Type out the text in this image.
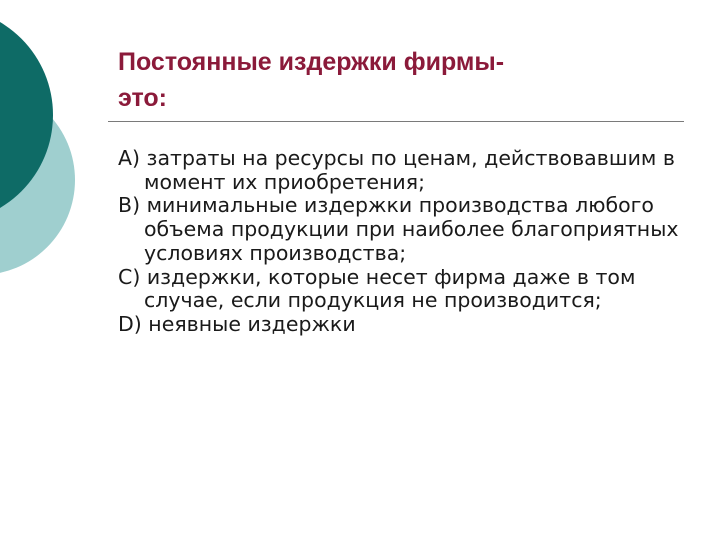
Постоянные издержки фирмы-
это:
А) затраты на ресурсы по ценам, действовавшим в момент их приобретения;
В) минимальные издержки производства любого объема продукции при наиболее благоприятных условиях производства;
С) издержки, которые несет фирма даже в том случае, если продукция не производится;
D) неявные издержки
